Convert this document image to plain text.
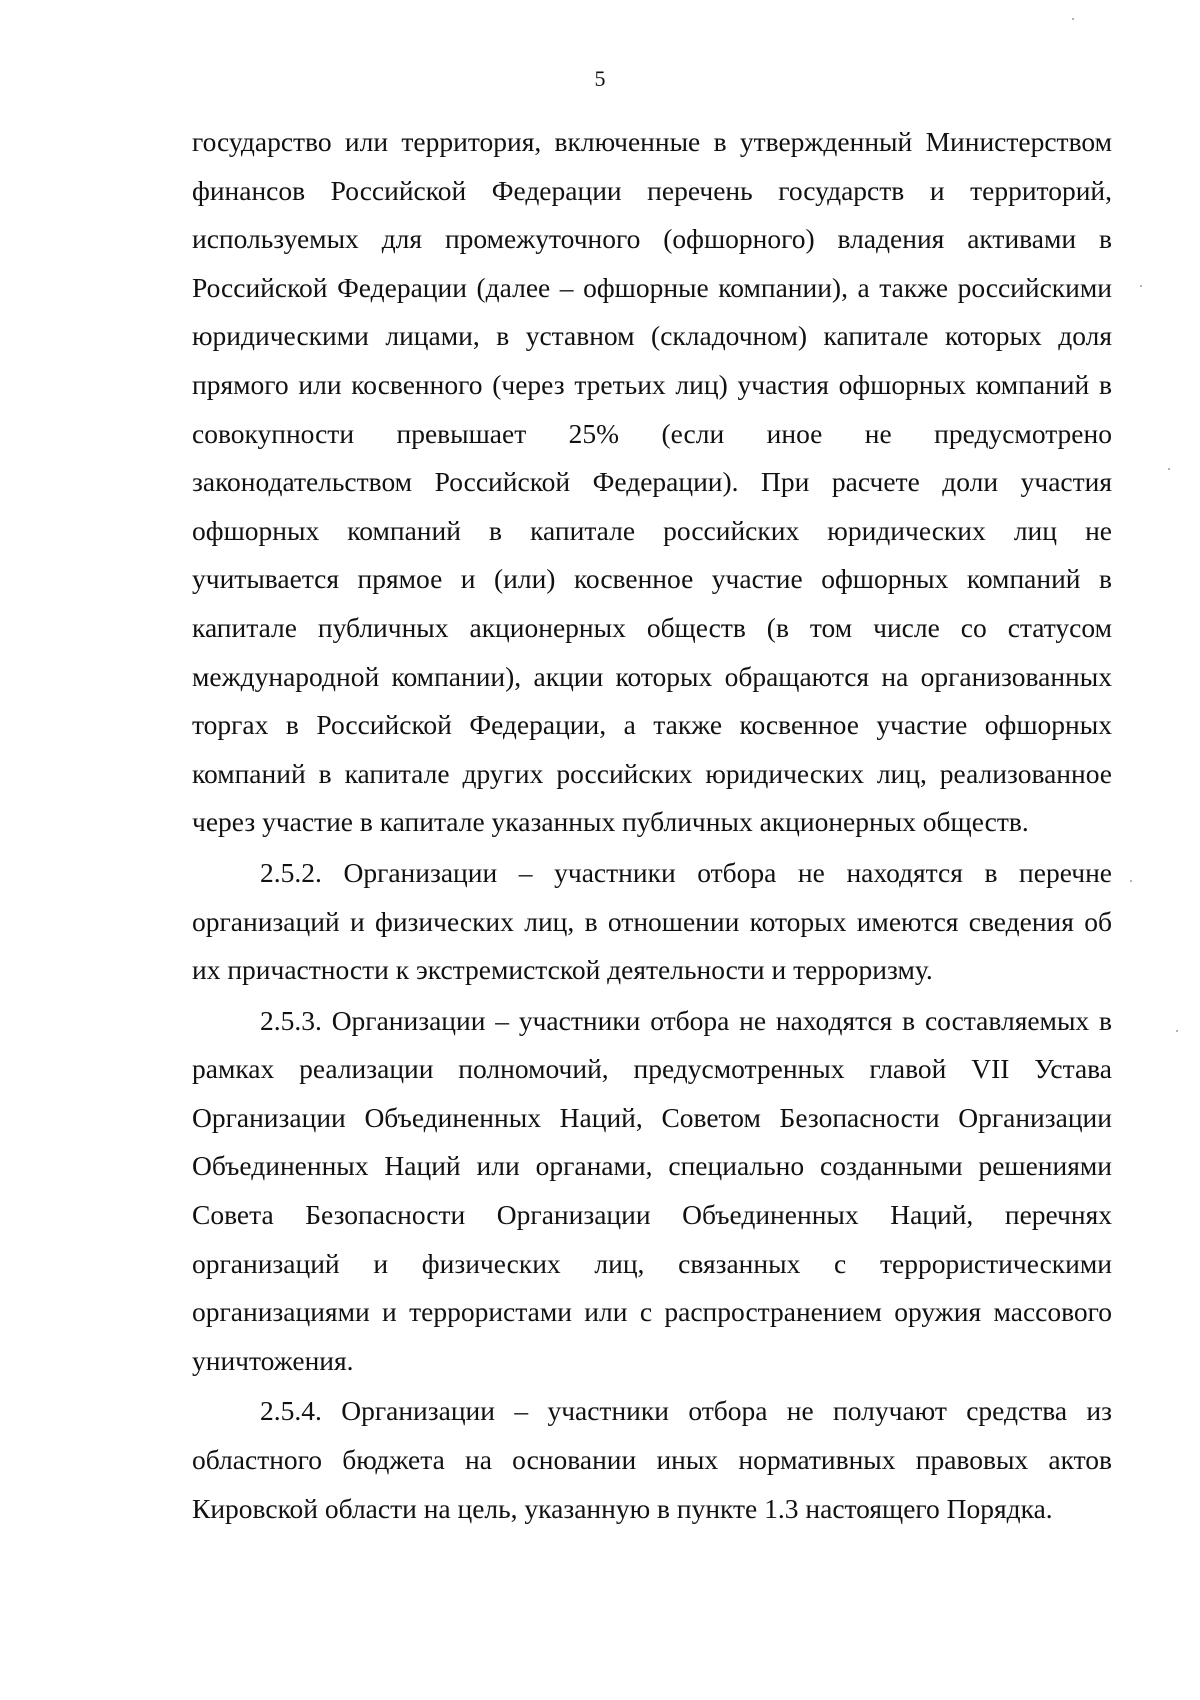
5

государство или территория, включенные в утвержденный Министерством финансов Российской Федерации перечень государств и территорий, используемых для промежуточного (офшорного) владения активами в Российской Федерации (далее – офшорные компании), а также российскими юридическими лицами, в уставном (складочном) капитале которых доля прямого или косвенного (через третьих лиц) участия офшорных компаний в совокупности превышает 25% (если иное не предусмотрено законодательством Российской Федерации). При расчете доли участия офшорных компаний в капитале российских юридических лиц не учитывается прямое и (или) косвенное участие офшорных компаний в капитале публичных акционерных обществ (в том числе со статусом международной компании), акции которых обращаются на организованных торгах в Российской Федерации, а также косвенное участие офшорных компаний в капитале других российских юридических лиц, реализованное через участие в капитале указанных публичных акционерных обществ.

2.5.2. Организации – участники отбора не находятся в перечне организаций и физических лиц, в отношении которых имеются сведения об их причастности к экстремистской деятельности и терроризму.

2.5.3. Организации – участники отбора не находятся в составляемых в рамках реализации полномочий, предусмотренных главой VII Устава Организации Объединенных Наций, Советом Безопасности Организации Объединенных Наций или органами, специально созданными решениями Совета Безопасности Организации Объединенных Наций, перечнях организаций и физических лиц, связанных с террористическими организациями и террористами или с распространением оружия массового уничтожения.

2.5.4. Организации – участники отбора не получают средства из областного бюджета на основании иных нормативных правовых актов Кировской области на цель, указанную в пункте 1.3 настоящего Порядка.
